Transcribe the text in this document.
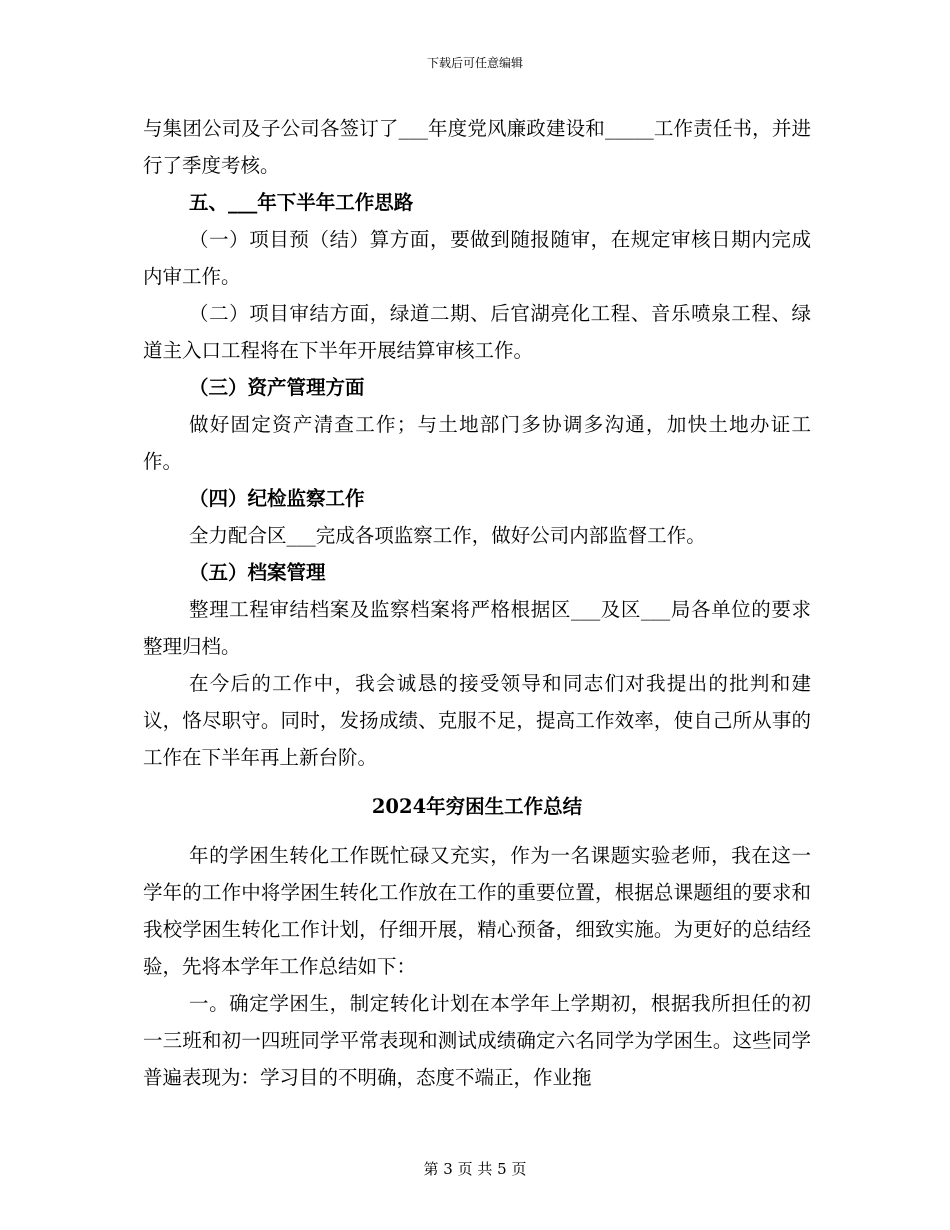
下载后可任意编辑

与集团公司及子公司各签订了___年度党风廉政建设和_____工作责任书，并进行了季度考核。

五、___年下半年工作思路

（一）项目预（结）算方面，要做到随报随审，在规定审核日期内完成内审工作。

（二）项目审结方面，绿道二期、后官湖亮化工程、音乐喷泉工程、绿道主入口工程将在下半年开展结算审核工作。

（三）资产管理方面

做好固定资产清查工作；与土地部门多协调多沟通，加快土地办证工作。

（四）纪检监察工作

全力配合区___完成各项监察工作，做好公司内部监督工作。

（五）档案管理

整理工程审结档案及监察档案将严格根据区___及区___局各单位的要求整理归档。

在今后的工作中，我会诚恳的接受领导和同志们对我提出的批判和建议，恪尽职守。同时，发扬成绩、克服不足，提高工作效率，使自己所从事的工作在下半年再上新台阶。

2024年穷困生工作总结

年的学困生转化工作既忙碌又充实，作为一名课题实验老师，我在这一学年的工作中将学困生转化工作放在工作的重要位置，根据总课题组的要求和我校学困生转化工作计划，仔细开展，精心预备，细致实施。为更好的总结经验，先将本学年工作总结如下：

一。确定学困生，制定转化计划在本学年上学期初，根据我所担任的初一三班和初一四班同学平常表现和测试成绩确定六名同学为学困生。这些同学普遍表现为：学习目的不明确，态度不端正，作业拖

第 3 页 共 5 页
